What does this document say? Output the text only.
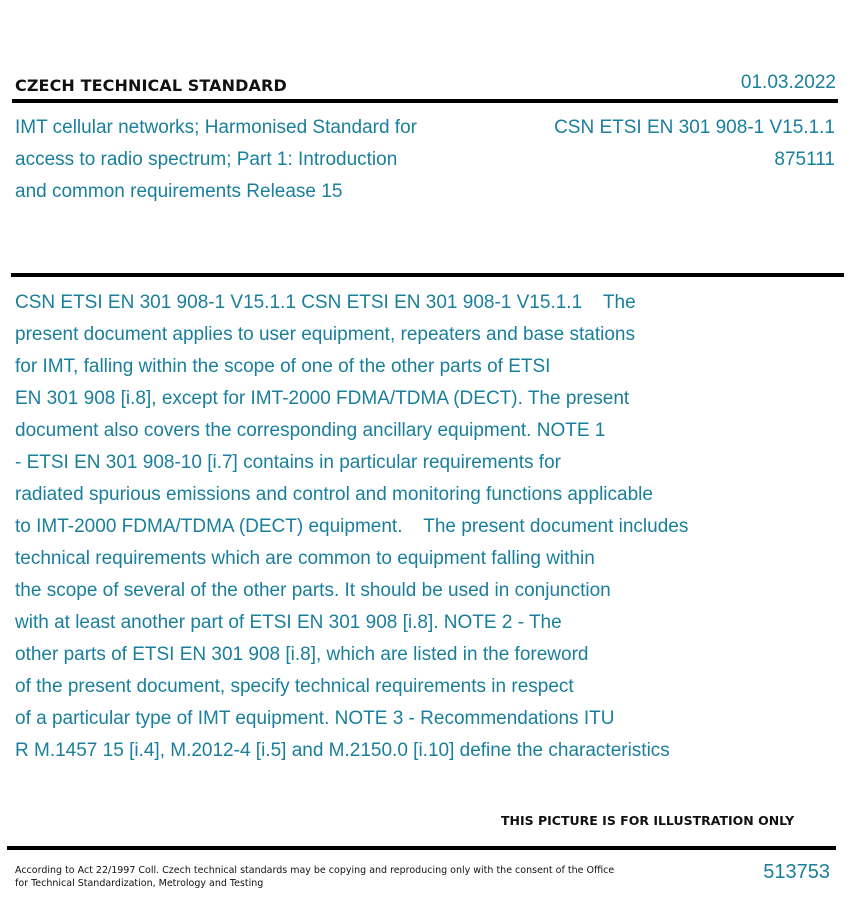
CZECH TECHNICAL STANDARD	01.03.2022
IMT cellular networks; Harmonised Standard for
access to radio spectrum; Part 1: Introduction
and common requirements Release 15
CSN ETSI EN 301 908-1 V15.1.1
875111
CSN ETSI EN 301 908-1 V15.1.1 CSN ETSI EN 301 908-1 V15.1.1    The
present document applies to user equipment, repeaters and base stations
for IMT, falling within the scope of one of the other parts of ETSI
EN 301 908 [i.8], except for IMT-2000 FDMA/TDMA (DECT). The present
document also covers the corresponding ancillary equipment. NOTE 1
- ETSI EN 301 908-10 [i.7] contains in particular requirements for
radiated spurious emissions and control and monitoring functions applicable
to IMT-2000 FDMA/TDMA (DECT) equipment.    The present document includes
technical requirements which are common to equipment falling within
the scope of several of the other parts. It should be used in conjunction
with at least another part of ETSI EN 301 908 [i.8]. NOTE 2 - The
other parts of ETSI EN 301 908 [i.8], which are listed in the foreword
of the present document, specify technical requirements in respect
of a particular type of IMT equipment. NOTE 3 - Recommendations ITU
R M.1457 15 [i.4], M.2012-4 [i.5] and M.2150.0 [i.10] define the characteristics
THIS PICTURE IS FOR ILLUSTRATION ONLY
According to Act 22/1997 Coll. Czech technical standards may be copying and reproducing only with the consent of the Office
for Technical Standardization, Metrology and Testing
513753
